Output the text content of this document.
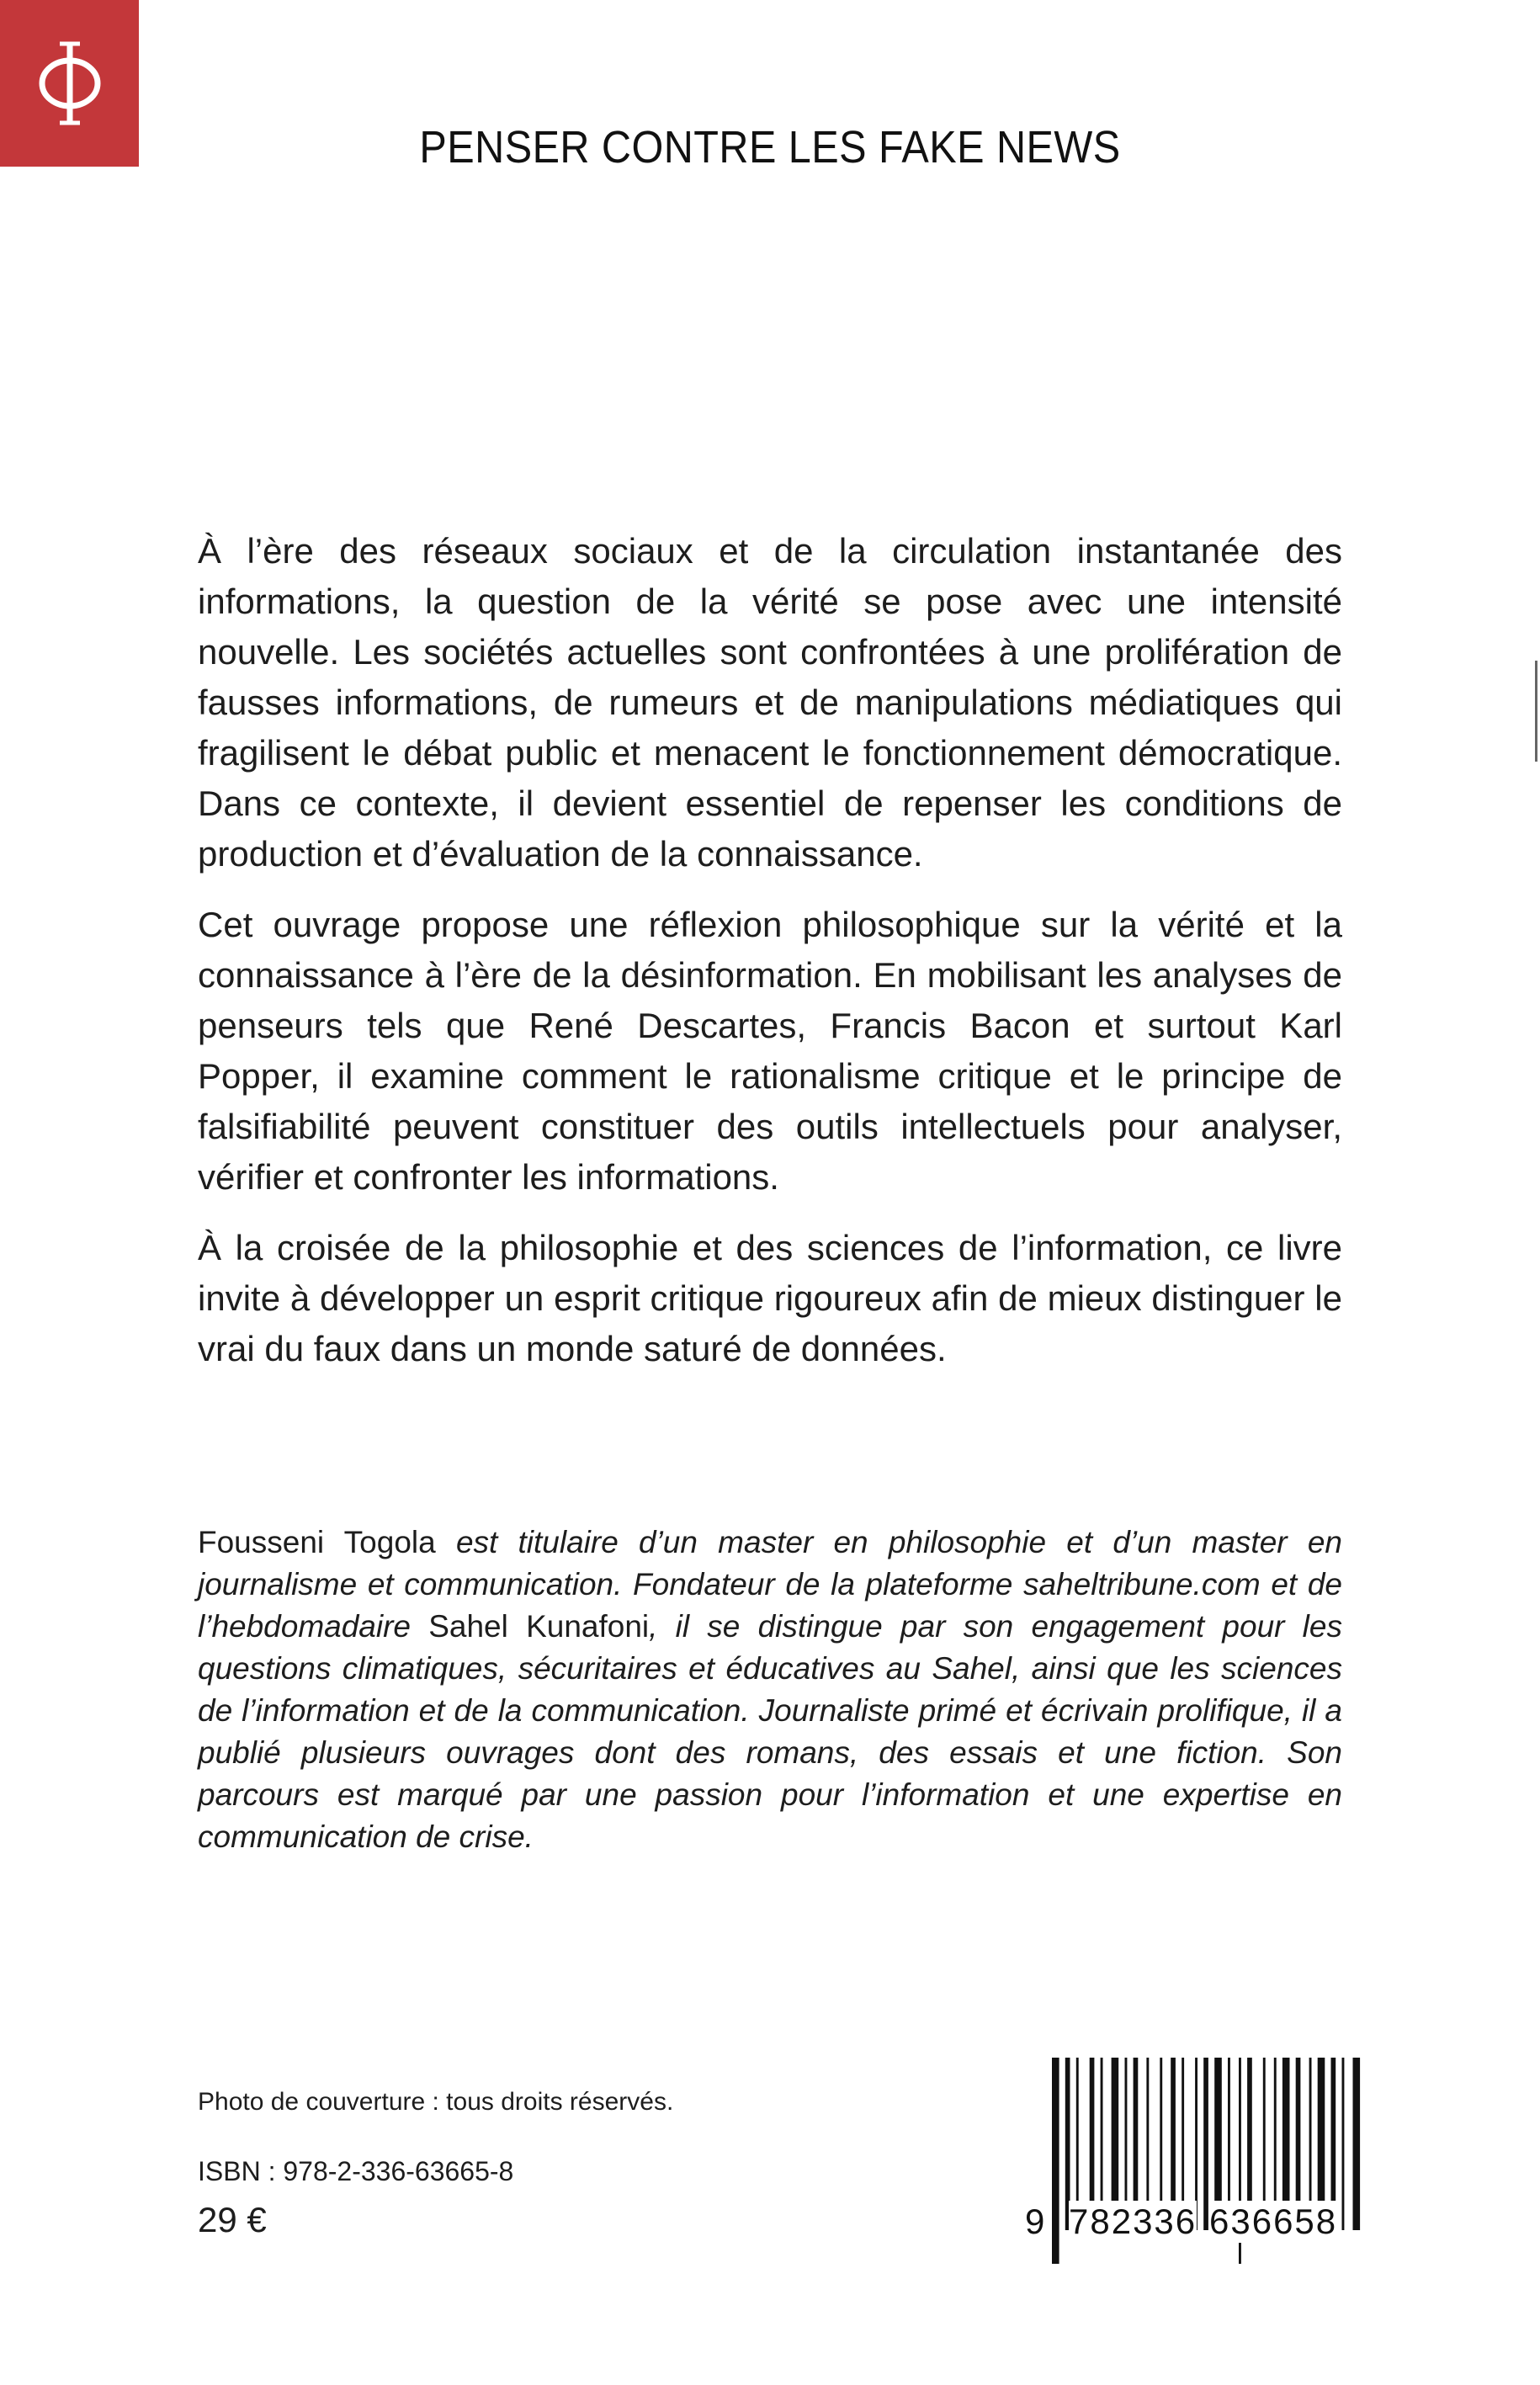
PENSER CONTRE LES FAKE NEWS

À l’ère des réseaux sociaux et de la circulation instantanée des informations, la question de la vérité se pose avec une intensité nouvelle. Les sociétés actuelles sont confrontées à une prolifération de fausses informations, de rumeurs et de manipulations médiatiques qui fragilisent le débat public et menacent le fonctionnement démocratique. Dans ce contexte, il devient essentiel de repenser les conditions de production et d’évaluation de la connaissance.

Cet ouvrage propose une réflexion philosophique sur la vérité et la connaissance à l’ère de la désinformation. En mobilisant les analyses de penseurs tels que René Descartes, Francis Bacon et surtout Karl Popper, il examine comment le rationalisme critique et le principe de falsifiabilité peuvent constituer des outils intellectuels pour analyser, vérifier et confronter les informations.

À la croisée de la philosophie et des sciences de l’information, ce livre invite à développer un esprit critique rigoureux afin de mieux distinguer le vrai du faux dans un monde saturé de données.

Fousseni Togola est titulaire d’un master en philosophie et d’un master en journalisme et communication. Fondateur de la plateforme saheltribune.com et de l’hebdomadaire Sahel Kunafoni, il se distingue par son engagement pour les questions climatiques, sécuritaires et éducatives au Sahel, ainsi que les sciences de l’information et de la communication. Journaliste primé et écrivain prolifique, il a publié plusieurs ouvrages dont des romans, des essais et une fiction. Son parcours est marqué par une passion pour l’information et une expertise en communication de crise.

Photo de couverture : tous droits réservés.
ISBN : 978-2-336-63665-8
29 €	9 782336 636658
